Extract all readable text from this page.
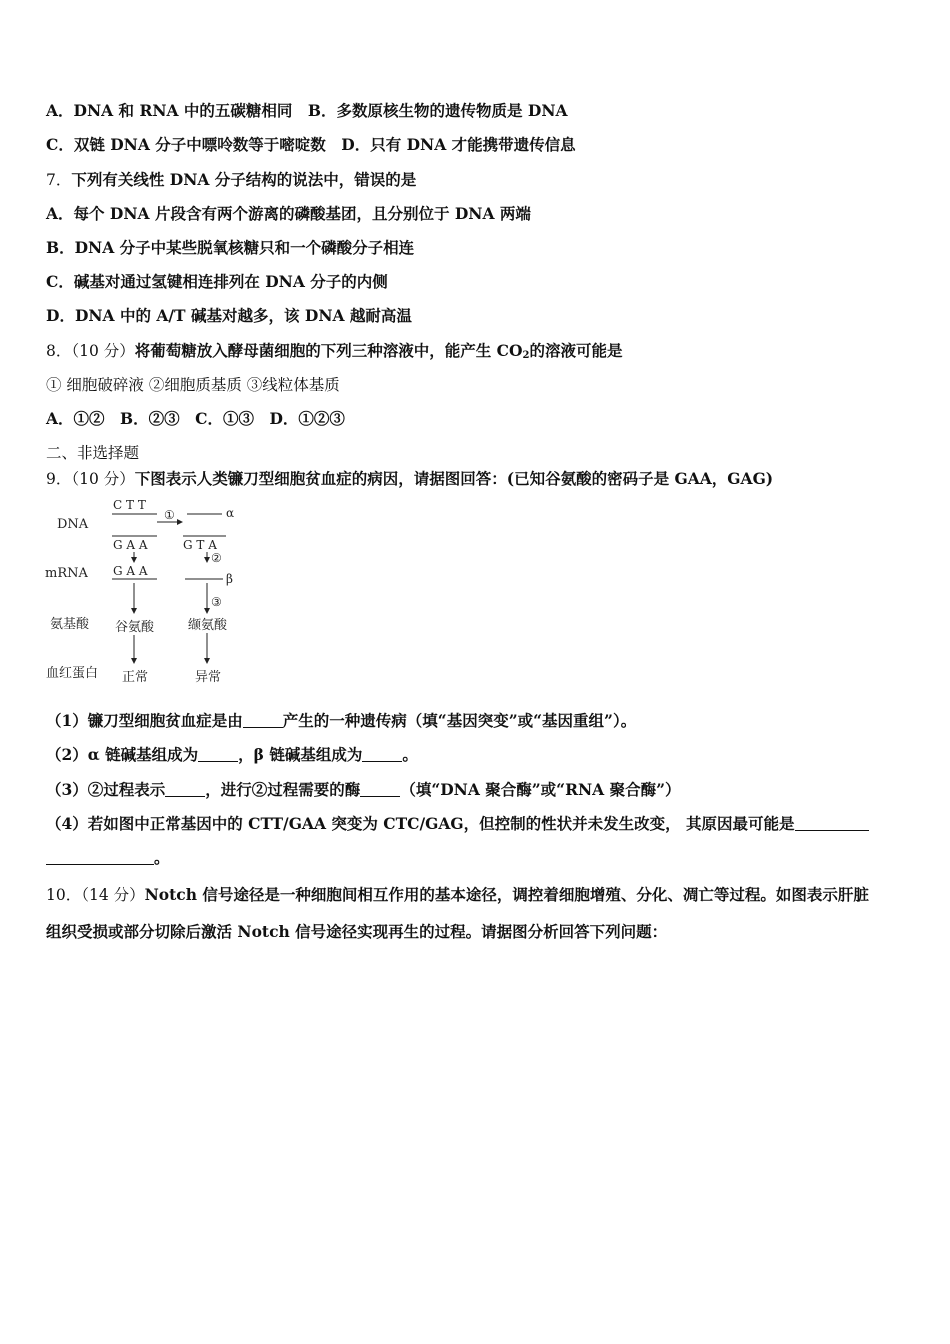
A．DNA 和 RNA 中的五碳糖相同　B．多数原核生物的遗传物质是 DNA
C．双链 DNA 分子中嘌呤数等于嘧啶数　D．只有 DNA 才能携带遗传信息
7．下列有关线性 DNA 分子结构的说法中，错误的是
A．每个 DNA 片段含有两个游离的磷酸基团，且分别位于 DNA 两端
B．DNA 分子中某些脱氧核糖只和一个磷酸分子相连
C．碱基对通过氢键相连排列在 DNA 分子的内侧
D．DNA 中的 A/T 碱基对越多，该 DNA 越耐高温
8．（10 分）将葡萄糖放入酵母菌细胞的下列三种溶液中，能产生 $CO_2$的溶液可能是
① 细胞破碎液 ②细胞质基质 ③线粒体基质
A．①②　B．②③　C．①③　D．①②③
二、非选择题
9．（10 分）下图表示人类镰刀型细胞贫血症的病因，请据图回答：(已知谷氨酸的密码子是 GAA，GAG)
DNA
mRNA
氨基酸
血红蛋白
C T T
①	α
G A A	G T A
②
G A A
β
③
谷氨酸	缬氨酸
正常	异常
（1）镰刀型细胞贫血症是由	产生的一种遗传病（填“基因突变”或“基因重组”）。
（2）α 链碱基组成为	，β 链碱基组成为	。
（3）②过程表示	，进行②过程需要的酶	（填“DNA 聚合酶”或“RNA 聚合酶”）
（4）若如图中正常基因中的 CTT/GAA 突变为 CTC/GAG，但控制的性状并未发生改变， 其原因最可能是
。
10．（14 分）Notch 信号途径是一种细胞间相互作用的基本途径，调控着细胞增殖、分化、凋亡等过程。如图表示肝脏
组织受损或部分切除后激活 Notch 信号途径实现再生的过程。请据图分析回答下列问题：
